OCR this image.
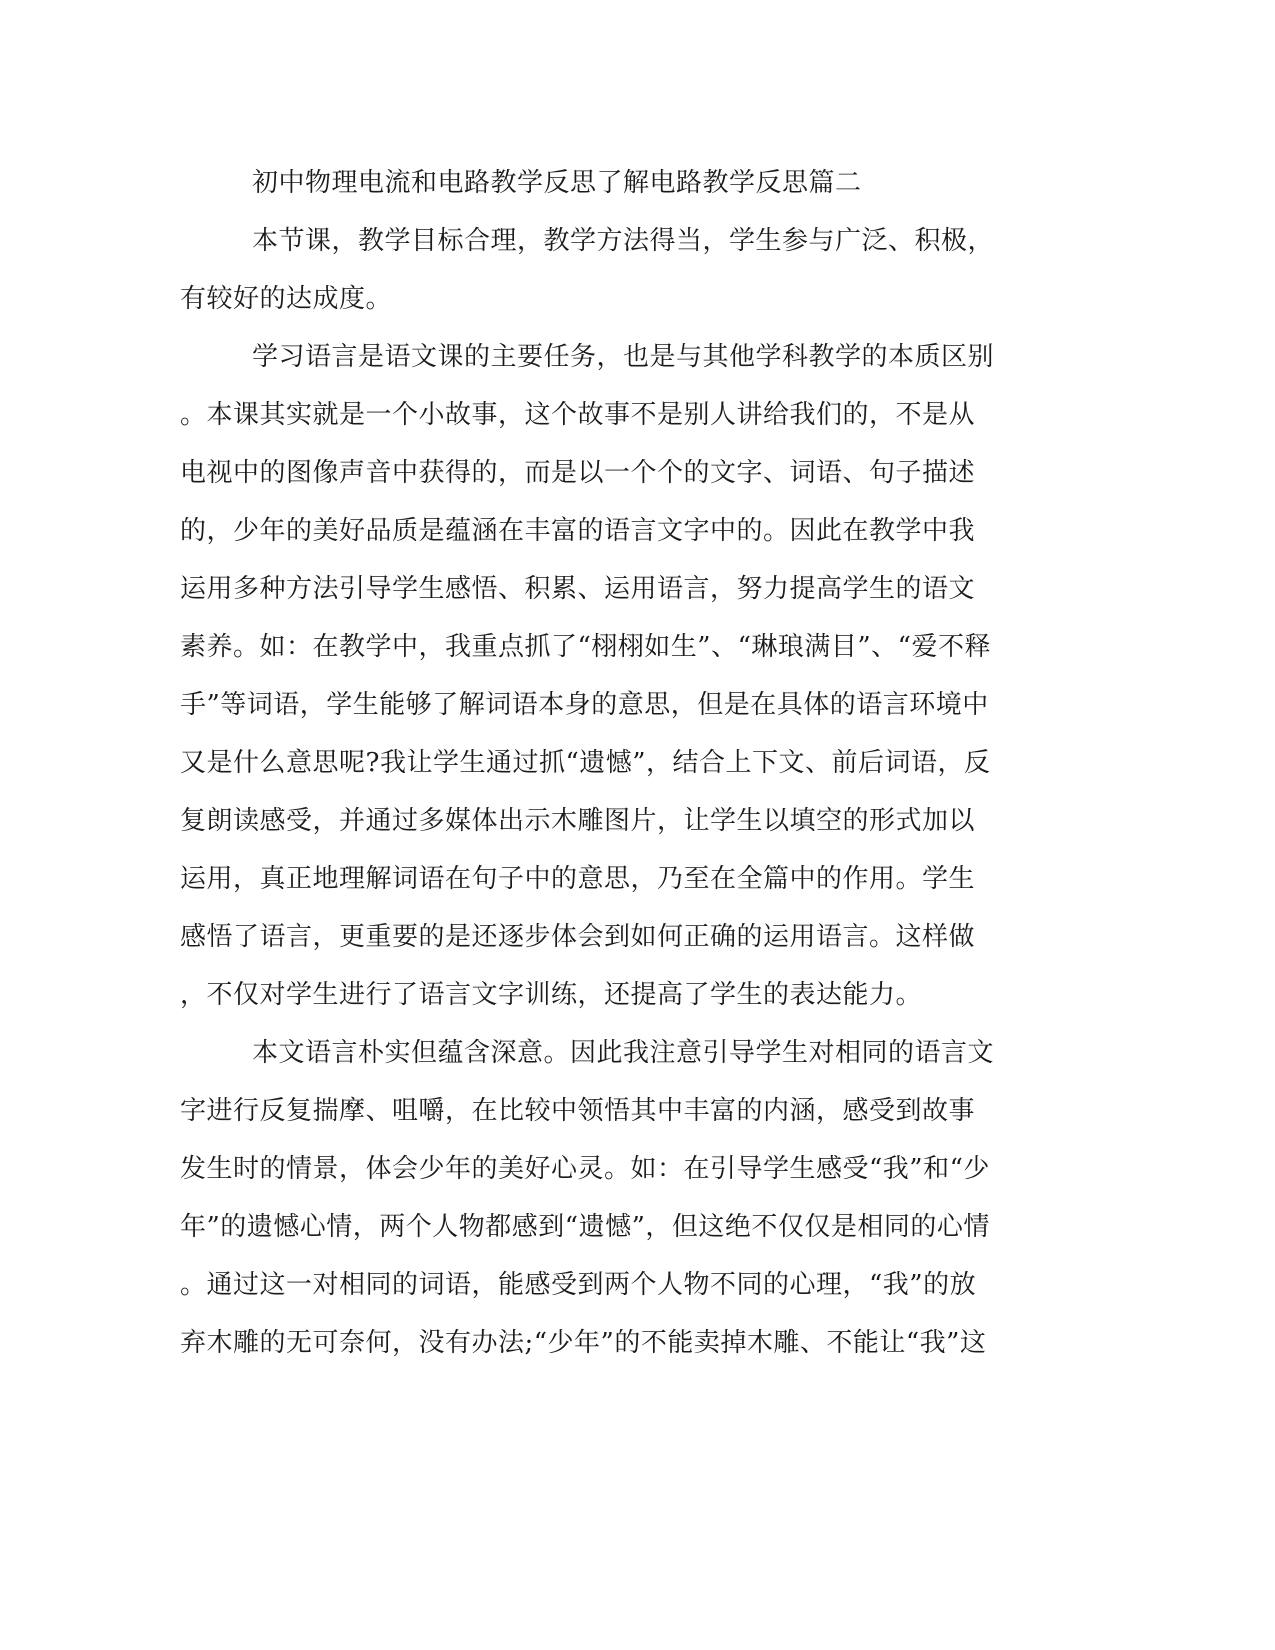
初中物理电流和电路教学反思了解电路教学反思篇二
本节课，教学目标合理，教学方法得当，学生参与广泛、积极，
有较好的达成度。
学习语言是语文课的主要任务，也是与其他学科教学的本质区别
。本课其实就是一个小故事，这个故事不是别人讲给我们的，不是从
电视中的图像声音中获得的，而是以一个个的文字、词语、句子描述
的，少年的美好品质是蕴涵在丰富的语言文字中的。因此在教学中我
运用多种方法引导学生感悟、积累、运用语言，努力提高学生的语文
素养。如：在教学中，我重点抓了“栩栩如生”、“琳琅满目”、“爱不释
手”等词语，学生能够了解词语本身的意思，但是在具体的语言环境中
又是什么意思呢?我让学生通过抓“遗憾”，结合上下文、前后词语，反
复朗读感受，并通过多媒体出示木雕图片，让学生以填空的形式加以
运用，真正地理解词语在句子中的意思，乃至在全篇中的作用。学生
感悟了语言，更重要的是还逐步体会到如何正确的运用语言。这样做
，不仅对学生进行了语言文字训练，还提高了学生的表达能力。
本文语言朴实但蕴含深意。因此我注意引导学生对相同的语言文
字进行反复揣摩、咀嚼，在比较中领悟其中丰富的内涵，感受到故事
发生时的情景，体会少年的美好心灵。如：在引导学生感受“我”和“少
年”的遗憾心情，两个人物都感到“遗憾”，但这绝不仅仅是相同的心情
。通过这一对相同的词语，能感受到两个人物不同的心理，“我”的放
弃木雕的无可奈何，没有办法;“少年”的不能卖掉木雕、不能让“我”这
